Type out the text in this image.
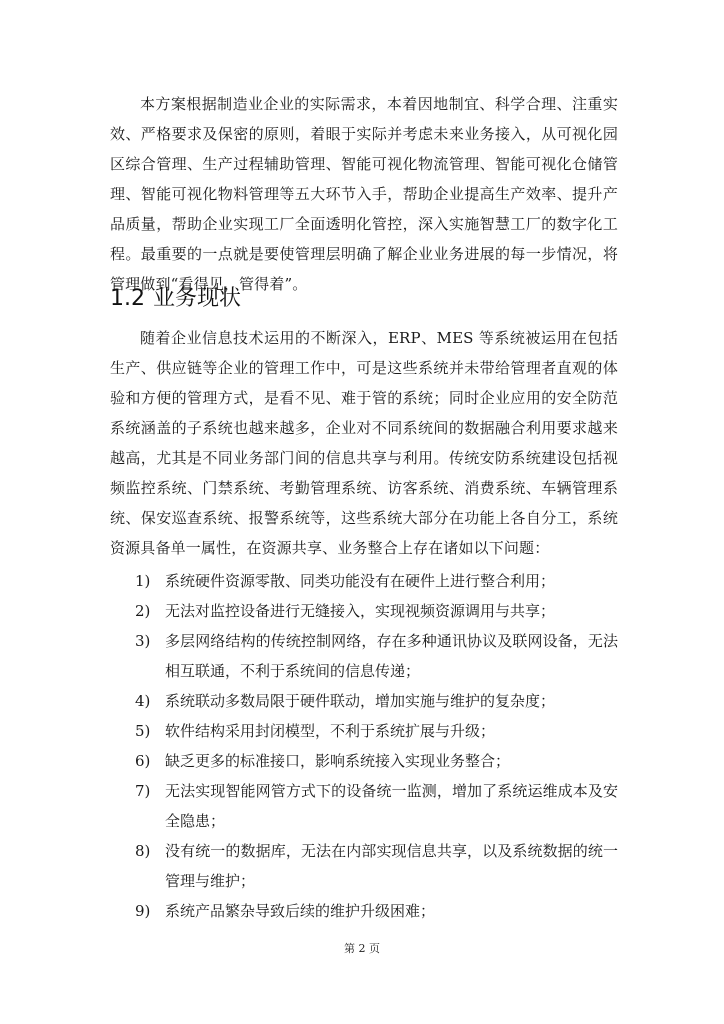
本方案根据制造业企业的实际需求，本着因地制宜、科学合理、注重实效、严格要求及保密的原则，着眼于实际并考虑未来业务接入，从可视化园区综合管理、生产过程辅助管理、智能可视化物流管理、智能可视化仓储管理、智能可视化物料管理等五大环节入手，帮助企业提高生产效率、提升产品质量，帮助企业实现工厂全面透明化管控，深入实施智慧工厂的数字化工程。最重要的一点就是要使管理层明确了解企业业务进展的每一步情况，将管理做到“看得见，管得着”。

1.2 业务现状

随着企业信息技术运用的不断深入，ERP、MES 等系统被运用在包括生产、供应链等企业的管理工作中，可是这些系统并未带给管理者直观的体验和方便的管理方式，是看不见、难于管的系统；同时企业应用的安全防范系统涵盖的子系统也越来越多，企业对不同系统间的数据融合利用要求越来越高，尤其是不同业务部门间的信息共享与利用。传统安防系统建设包括视频监控系统、门禁系统、考勤管理系统、访客系统、消费系统、车辆管理系统、保安巡查系统、报警系统等，这些系统大部分在功能上各自分工，系统资源具备单一属性，在资源共享、业务整合上存在诸如以下问题：

1) 系统硬件资源零散、同类功能没有在硬件上进行整合利用；
2) 无法对监控设备进行无缝接入，实现视频资源调用与共享；
3) 多层网络结构的传统控制网络，存在多种通讯协议及联网设备，无法相互联通，不利于系统间的信息传递；
4) 系统联动多数局限于硬件联动，增加实施与维护的复杂度；
5) 软件结构采用封闭模型，不利于系统扩展与升级；
6) 缺乏更多的标准接口，影响系统接入实现业务整合；
7) 无法实现智能网管方式下的设备统一监测，增加了系统运维成本及安全隐患；
8) 没有统一的数据库，无法在内部实现信息共享，以及系统数据的统一管理与维护；
9) 系统产品繁杂导致后续的维护升级困难；
第 2 页
